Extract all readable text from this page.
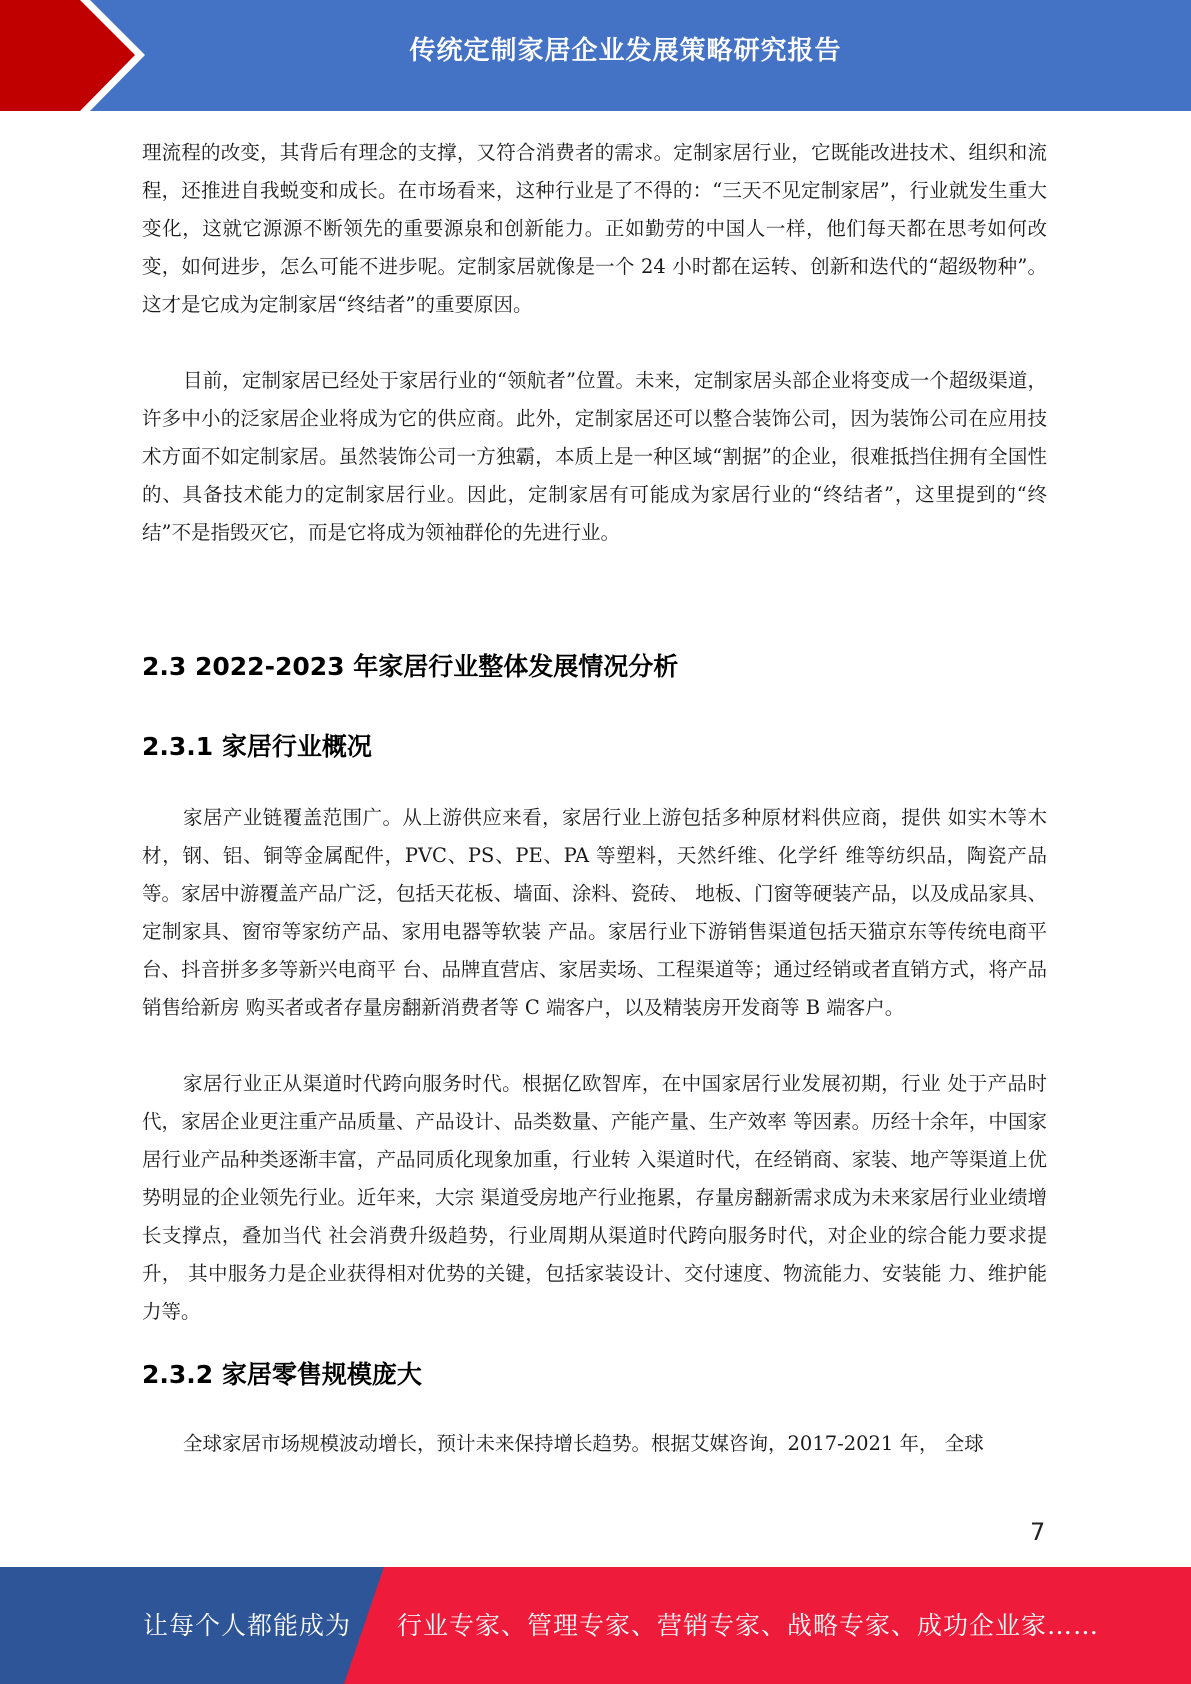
传统定制家居企业发展策略研究报告

理流程的改变，其背后有理念的支撑，又符合消费者的需求。定制家居行业，它既能改进技术、组织和流程，还推进自我蜕变和成长。在市场看来，这种行业是了不得的：“三天不见定制家居”，行业就发生重大变化，这就它源源不断领先的重要源泉和创新能力。正如勤劳的中国人一样，他们每天都在思考如何改变，如何进步，怎么可能不进步呢。定制家居就像是一个 24 小时都在运转、创新和迭代的“超级物种”。这才是它成为定制家居“终结者”的重要原因。

目前，定制家居已经处于家居行业的“领航者”位置。未来，定制家居头部企业将变成一个超级渠道，许多中小的泛家居企业将成为它的供应商。此外，定制家居还可以整合装饰公司，因为装饰公司在应用技术方面不如定制家居。虽然装饰公司一方独霸，本质上是一种区域“割据”的企业，很难抵挡住拥有全国性的、具备技术能力的定制家居行业。因此，定制家居有可能成为家居行业的“终结者”，这里提到的“终结”不是指毁灭它，而是它将成为领袖群伦的先进行业。

2.3 2022-2023 年家居行业整体发展情况分析
2.3.1 家居行业概况

家居产业链覆盖范围广。从上游供应来看，家居行业上游包括多种原材料供应商，提供 如实木等木材，钢、铝、铜等金属配件，PVC、PS、PE、PA 等塑料，天然纤维、化学纤 维等纺织品，陶瓷产品等。家居中游覆盖产品广泛，包括天花板、墙面、涂料、瓷砖、 地板、门窗等硬装产品，以及成品家具、定制家具、窗帘等家纺产品、家用电器等软装 产品。家居行业下游销售渠道包括天猫京东等传统电商平台、抖音拼多多等新兴电商平 台、品牌直营店、家居卖场、工程渠道等；通过经销或者直销方式，将产品销售给新房 购买者或者存量房翻新消费者等 C 端客户，以及精装房开发商等 B 端客户。

家居行业正从渠道时代跨向服务时代。根据亿欧智库，在中国家居行业发展初期，行业 处于产品时代，家居企业更注重产品质量、产品设计、品类数量、产能产量、生产效率 等因素。历经十余年，中国家居行业产品种类逐渐丰富，产品同质化现象加重，行业转 入渠道时代，在经销商、家装、地产等渠道上优势明显的企业领先行业。近年来，大宗 渠道受房地产行业拖累，存量房翻新需求成为未来家居行业业绩增长支撑点，叠加当代 社会消费升级趋势，行业周期从渠道时代跨向服务时代，对企业的综合能力要求提升， 其中服务力是企业获得相对优势的关键，包括家装设计、交付速度、物流能力、安装能 力、维护能力等。

2.3.2 家居零售规模庞大

全球家居市场规模波动增长，预计未来保持增长趋势。根据艾媒咨询，2017-2021 年， 全球

7
让每个人都能成为 行业专家、管理专家、营销专家、战略专家、成功企业家……
